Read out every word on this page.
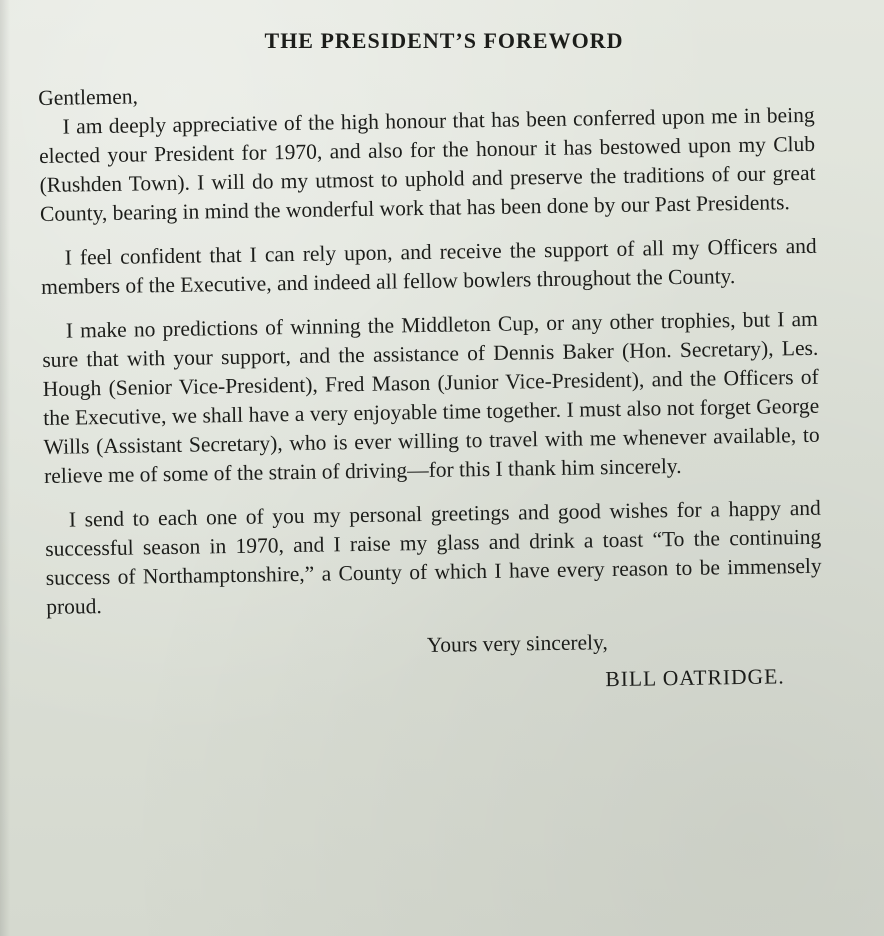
THE PRESIDENT’S FOREWORD

Gentlemen,

I am deeply appreciative of the high honour that has been conferred upon me in being elected your President for 1970, and also for the honour it has bestowed upon my Club (Rushden Town). I will do my utmost to uphold and preserve the traditions of our great County, bearing in mind the wonderful work that has been done by our Past Presidents.

I feel confident that I can rely upon, and receive the support of all my Officers and members of the Executive, and indeed all fellow bowlers throughout the County.

I make no predictions of winning the Middleton Cup, or any other trophies, but I am sure that with your support, and the assistance of Dennis Baker (Hon. Secretary), Les. Hough (Senior Vice-President), Fred Mason (Junior Vice-President), and the Officers of the Executive, we shall have a very enjoyable time together. I must also not forget George Wills (Assistant Secretary), who is ever willing to travel with me whenever available, to relieve me of some of the strain of driving—for this I thank him sincerely.

I send to each one of you my personal greetings and good wishes for a happy and successful season in 1970, and I raise my glass and drink a toast “To the continuing success of Northamptonshire,” a County of which I have every reason to be immensely proud.

Yours very sincerely,

BILL OATRIDGE.
